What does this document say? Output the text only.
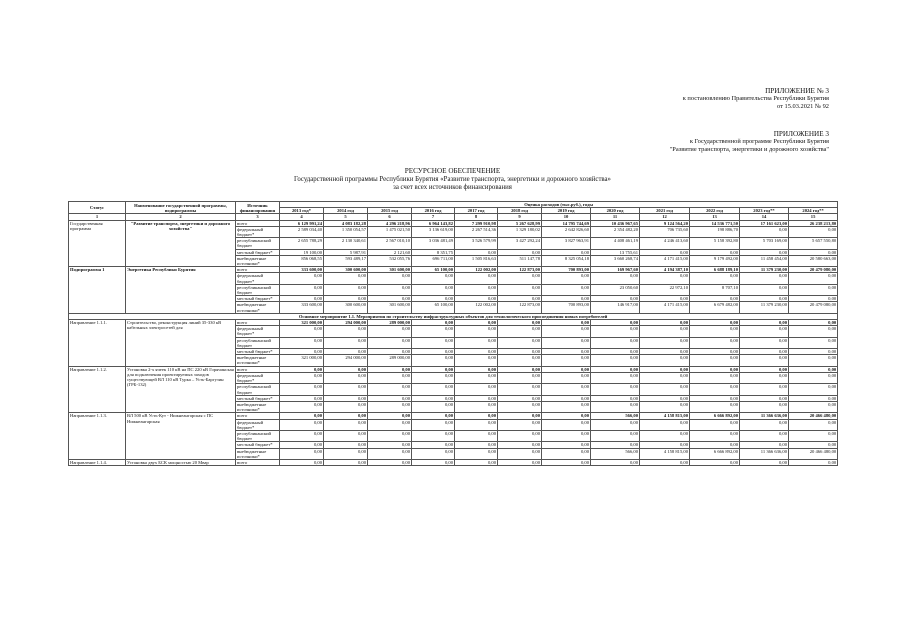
ПРИЛОЖЕНИЕ № 3
к постановлению Правительства Республики Бурятия
от 15.03.2021 № 92
ПРИЛОЖЕНИЕ 3
к Государственной программе Республики Бурятия
"Развитие транспорта, энергетики и дорожного хозяйства"
РЕСУРСНОЕ ОБЕСПЕЧЕНИЕ
Государственной программы Республики Бурятия «Развитие транспорта, энергетики и дорожного хозяйства»
за счет всех источников финансирования
Статус	Наименование государственной программы, подпрограммы	Источник финансирования	Оценка расходов (тыс.руб.), годы											
			2013 год*	2014 год	2015 год	2016 год	2017 год	2018 год	2019 год	2020 год	2021 год	2022 год	2023 год**	2024 год**
1	2	3	4	5	6	7	8	9	10	11	12	13	14	15
Государственная программа	"Развитие транспорта, энергетики и дорожного хозяйства"	всего	6 129 991,24	4 083 182,28	4 296 218,96	6 964 143,82	7 299 910,98	5 267 628,99	14 795 744,69	10 436 967,65	9 124 564,20	14 536 771,50	17 161 623,00	26 238 213,80
		федеральный бюджет*	2 589 034,40	1 350 054,57	1 475 021,50	3 136 619,00	2 267 514,36	1 329 180,02	2 642 826,60	2 354 482,20	706 735,60	198 886,70	0,00	0,00
		республиканский бюджет	2 655 788,29	2 130 340,61	2 567 010,10	3 036 481,49	3 526 579,99	3 427 292,24	3 827 963,91	4 408 461,19	4 246 413,60	5 158 392,80	5 703 169,00	5 657 550,80
		местный бюджет*	19 100,00	5 987,91	2 121,60	8 351,75	0,00	0,00	0,00	13 755,61	0,00	0,00	0,00	0,00
		внебюджетные источники*	856 068,55	593 489,17	532 055,76	696 711,00	1 505 816,63	511 147,78	8 325 054,18	3 660 268,74	4 171 415,00	9 179 492,00	11 458 454,00	20 580 663,00
Подпрограмма 1	Энергетика Республики Бурятия	всего	333 600,00	300 600,00	301 600,00	65 100,00	122 002,00	122 873,00	700 893,00	169 967,60	4 194 387,10	6 688 189,10	11 379 230,00	20 479 080,00
		федеральный бюджет*	0,00	0,00	0,00	0,00	0,00	0,00	0,00	0,00	0,00	0,00	0,00	0,00
		республиканский бюджет	0,00	0,00	0,00	0,00	0,00	0,00	0,00	23 050,60	22 972,10	8 707,10	0,00	0,00
		местный бюджет*	0,00	0,00	0,00	0,00	0,00	0,00	0,00	0,00	0,00	0,00	0,00	0,00
		внебюджетные источники*	333 600,00	300 600,00	301 600,00	65 100,00	122 002,00	122 873,00	700 893,00	146 917,00	4 171 415,00	6 679 482,00	11 379 230,00	20 479 080,00
Основное мероприятие 1.1. Мероприятия по строительству инфраструктурных объектов для технологического присоединения новых потребителей														
Направление 1.1.1.	Строительство, реконструкция линий 35-330 кВ кабельных электросетей для	всего	321 000,00	294 000,00	289 000,00	0,00	0,00	0,00	0,00	0,00	0,00	0,00	0,00	0,00
		федеральный бюджет*	0,00	0,00	0,00	0,00	0,00	0,00	0,00	0,00	0,00	0,00	0,00	0,00
		республиканский бюджет	0,00	0,00	0,00	0,00	0,00	0,00	0,00	0,00	0,00	0,00	0,00	0,00
		местный бюджет*	0,00	0,00	0,00	0,00	0,00	0,00	0,00	0,00	0,00	0,00	0,00	0,00
		внебюджетные источники*	321 000,00	294 000,00	289 000,00	0,00	0,00	0,00	0,00	0,00	0,00	0,00	0,00	0,00
Направление 1.1.2.	Установка 2-х ячеек 110 кВ на ПС 220 кВ Горячинская для подключения проектируемых заходов существующей ВЛ 110 кВ Турка – Усть-Баргузин (ГРБ-132)	всего	0,00	0,00	0,00	0,00	0,00	0,00	0,00	0,00	0,00	0,00	0,00	0,00
		федеральный бюджет*	0,00	0,00	0,00	0,00	0,00	0,00	0,00	0,00	0,00	0,00	0,00	0,00
		республиканский бюджет	0,00	0,00	0,00	0,00	0,00	0,00	0,00	0,00	0,00	0,00	0,00	0,00
		местный бюджет*	0,00	0,00	0,00	0,00	0,00	0,00	0,00	0,00	0,00	0,00	0,00	0,00
		внебюджетные источники*	0,00	0,00	0,00	0,00	0,00	0,00	0,00	0,00	0,00	0,00	0,00	0,00
Направление 1.1.3.	ВЛ 500 кВ Усть-Кут - Нижнеангарская с ПС Нижнеангарская	всего	0,00	0,00	0,00	0,00	0,00	0,00	0,00	566,00	4 158 815,00	6 666 892,00	11 366 636,00	20 466 480,00
		федеральный бюджет*	0,00	0,00	0,00	0,00	0,00	0,00	0,00	0,00	0,00	0,00	0,00	0,00
		республиканский бюджет	0,00	0,00	0,00	0,00	0,00	0,00	0,00	0,00	0,00	0,00	0,00	0,00
		местный бюджет*	0,00	0,00	0,00	0,00	0,00	0,00	0,00	0,00	0,00	0,00	0,00	0,00
		внебюджетные источники*	0,00	0,00	0,00	0,00	0,00	0,00	0,00	566,00	4 158 815,00	6 666 892,00	11 366 636,00	20 466 480,00
Направление 1.1.4.	Установка двух БСК мощностью 20 Мвар	всего	0,00	0,00	0,00	0,00	0,00	0,00	0,00	0,00	0,00	0,00	0,00	0,00
